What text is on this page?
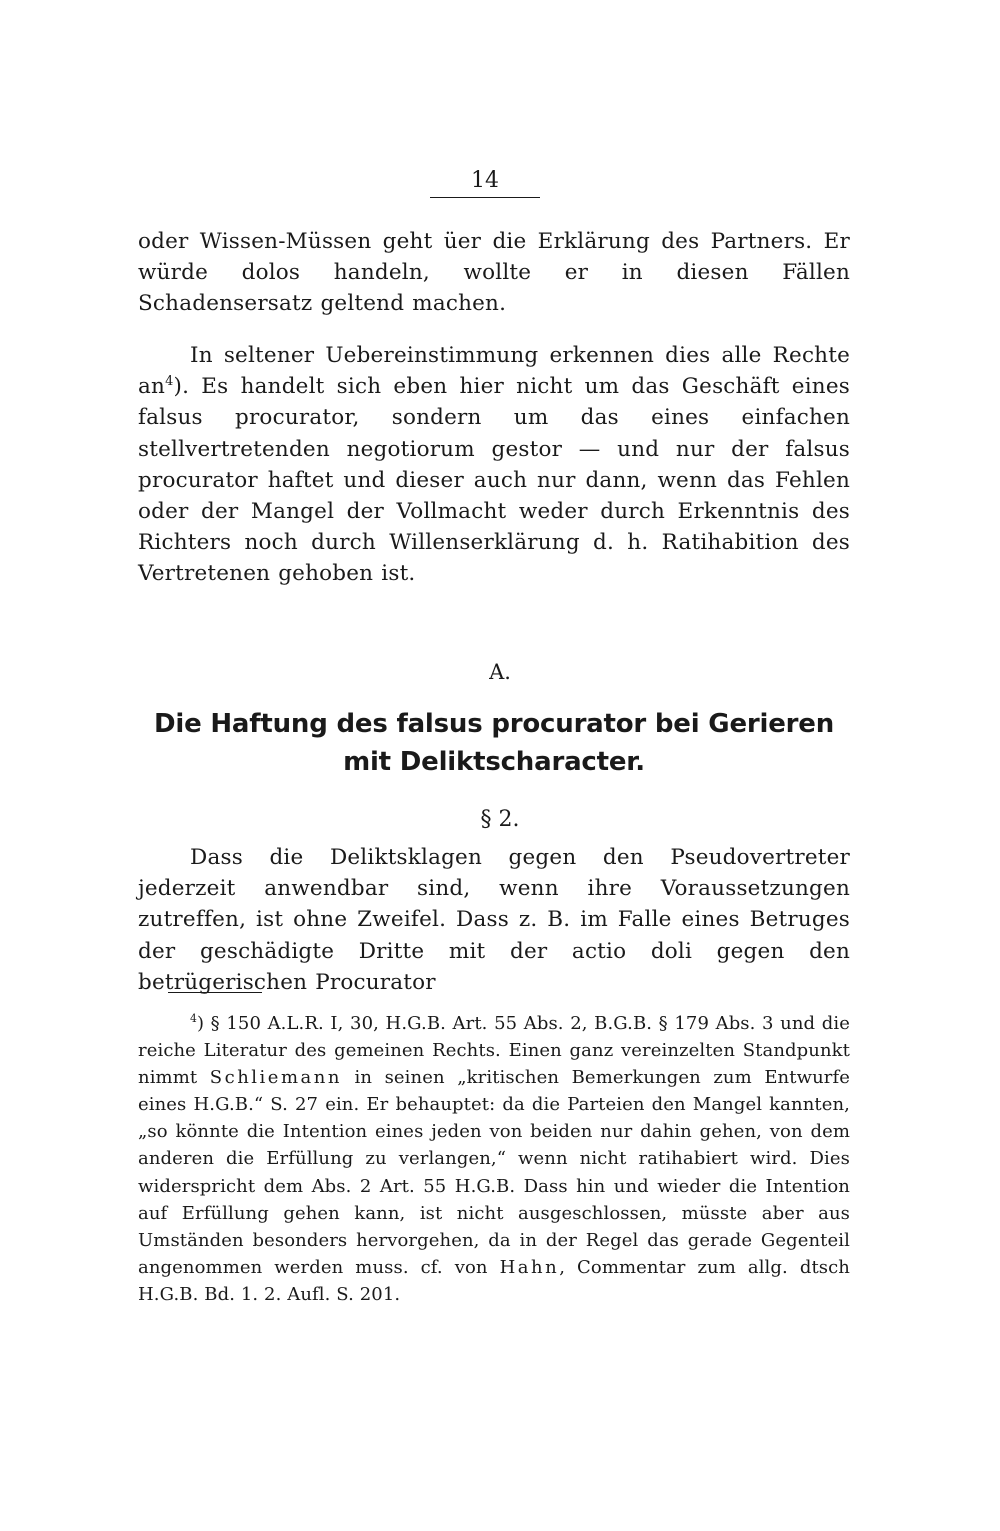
14

oder Wissen-Müssen geht üer die Erklärung des Partners. Er würde dolos handeln, wollte er in diesen Fällen Schadensersatz geltend machen.

In seltener Uebereinstimmung erkennen dies alle Rechte $an^4$). Es handelt sich eben hier nicht um das Geschäft eines falsus procurator, sondern um das eines einfachen stellvertretenden negotiorum gestor — und nur der falsus procurator haftet und dieser auch nur dann, wenn das Fehlen oder der Mangel der Vollmacht weder durch Erkenntnis des Richters noch durch Willenserklärung d. h. Ratihabition des Vertretenen gehoben ist.

A.
Die Haftung des falsus procurator bei Gerieren
mit Deliktscharacter.
§ 2.

Dass die Deliktsklagen gegen den Pseudovertreter jederzeit anwendbar sind, wenn ihre Voraussetzungen zutreffen, ist ohne Zweifel. Dass z. B. im Falle eines Betruges der geschädigte Dritte mit der actio doli gegen den betrügerischen Procurator

$^4$) § 150 A.L.R. I, 30, H.G.B. Art. 55 Abs. 2, B.G.B. § 179 Abs. 3 und die reiche Literatur des gemeinen Rechts. Einen ganz vereinzelten Standpunkt nimmt Schliemann in seinen „kritischen Bemerkungen zum Entwurfe eines H.G.B.“ S. 27 ein. Er behauptet: da die Parteien den Mangel kannten, „so könnte die Intention eines jeden von beiden nur dahin gehen, von dem anderen die Erfüllung zu verlangen,“ wenn nicht ratihabiert wird. Dies widerspricht dem Abs. 2 Art. 55 H.G.B. Dass hin und wieder die Intention auf Erfüllung gehen kann, ist nicht ausgeschlossen, müsste aber aus Umständen besonders hervorgehen, da in der Regel das gerade Gegenteil angenommen werden muss. cf. von Hahn, Commentar zum allg. dtsch H.G.B. Bd. 1. 2. Aufl. S. 201.
